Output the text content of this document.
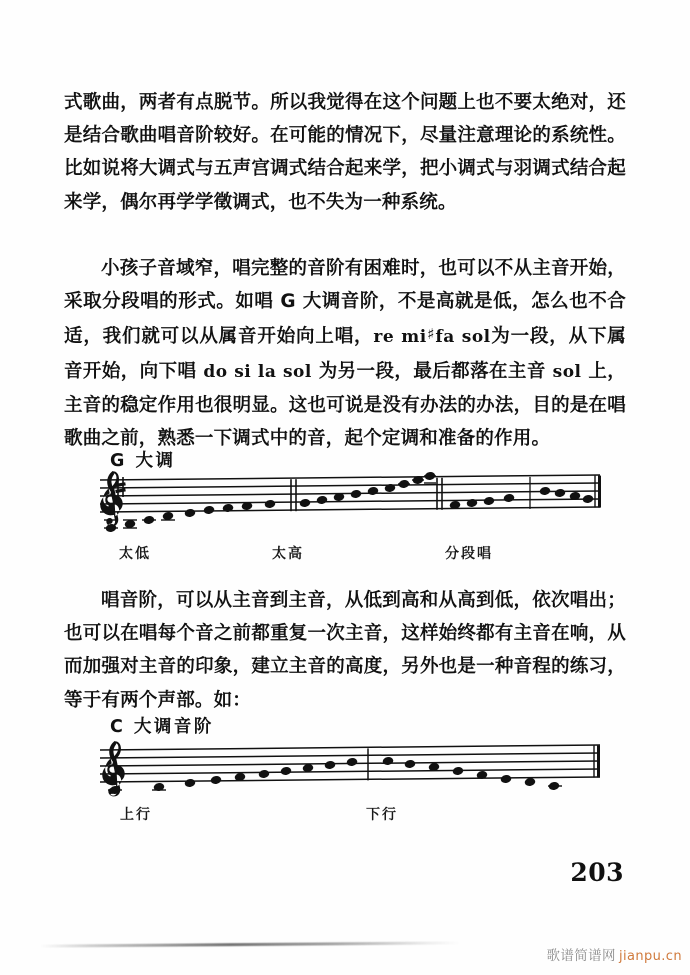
式歌曲，两者有点脱节。所以我觉得在这个问题上也不要太绝对，还是结合歌曲唱音阶较好。在可能的情况下，尽量注意理论的系统性。比如说将大调式与五声宫调式结合起来学，把小调式与羽调式结合起来学，偶尔再学学徵调式，也不失为一种系统。

小孩子音域窄，唱完整的音阶有困难时，也可以不从主音开始，采取分段唱的形式。如唱 G 大调音阶，不是高就是低，怎么也不合适，我们就可以从属音开始向上唱，re mi♯fa sol为一段，从下属音开始，向下唱 do si la sol 为另一段，最后都落在主音 sol 上，主音的稳定作用也很明显。这也可说是没有办法的办法，目的是在唱歌曲之前，熟悉一下调式中的音，起个定调和准备的作用。

G 大调
太低	太高	分段唱

唱音阶，可以从主音到主音，从低到高和从高到低，依次唱出；也可以在唱每个音之前都重复一次主音，这样始终都有主音在响，从而加强对主音的印象，建立主音的高度，另外也是一种音程的练习，等于有两个声部。如：

C 大调音阶
上行	下行
203
歌谱简谱网 jianpu.cn
